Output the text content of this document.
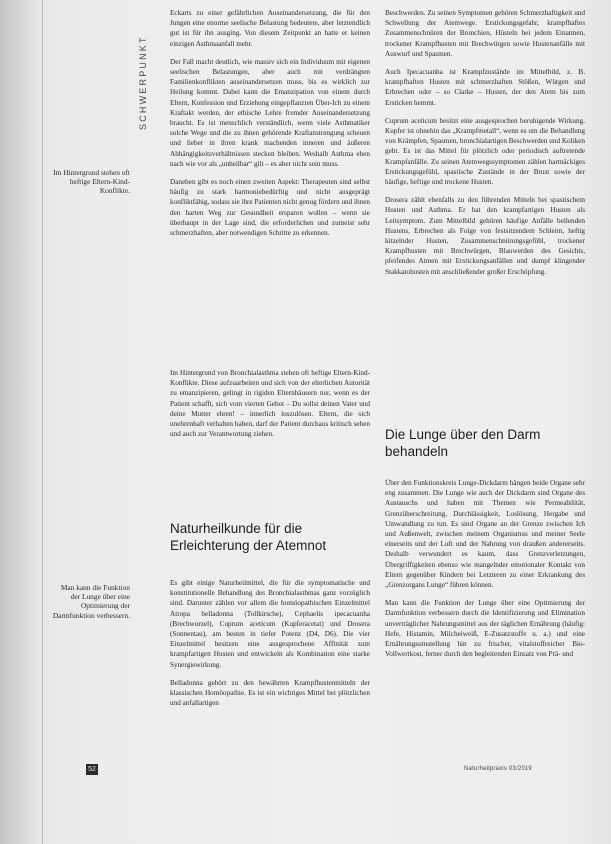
SCHWERPUNKT
Im Hintergrund stehen oft heftige Eltern-Kind-Konflikte.
Man kann die Funktion der Lunge über eine Optimierung der Darmfunktion verbessern.

Eckarts zu einer gefährlichen Auseinandersetzung, die für den Jungen eine enorme seelische Belastung bedeutete, aber letztendlich gut ist für ihn ausging. Von diesem Zeitpunkt an hatte er keinen einzigen Asthmaanfall mehr.

Der Fall macht deutlich, wie massiv sich ein Individuum mit eigenen seelischen Belastungen, aber auch mit verdrängten Familienkonflikten auseinandersetzen muss, bis es wirklich zur Heilung kommt. Dabei kann die Emanzipation von einem durch Eltern, Konfession und Erziehung eingepflanzten Über-Ich zu einem Kraftakt werden, der ethische Lehre fremder Auseinandersetzung braucht. Es ist menschlich verständlich, wenn viele Asthmatiker solche Wege und die zu ihnen gehörende Kraftanstrengung scheuen und lieber in ihren krank machenden inneren und äußeren Abhängigkeitsverhältnissen stecken bleiben. Weshalb Asthma eben nach wie vor als „unheilbar“ gilt – es aber nicht sein muss.

Daneben gibt es noch einen zweiten Aspekt: Therapeuten sind selbst häufig zu stark harmoniebedürftig und nicht ausgeprägt konfliktfähig, sodass sie ihre Patienten nicht genug fördern und ihnen den harten Weg zur Gesundheit ersparen wollen – wenn sie überhaupt in der Lage sind, die erforderlichen und zumeist sehr schmerzhaften, aber notwendigen Schritte zu erkennen.

Im Hintergrund von Bronchialasthma stehen oft heftige Eltern-Kind-Konflikte. Diese aufzuarbeiten und sich von der elterlichen Autorität zu emanzipieren, gelingt in rigiden Elternhäusern nur, wenn es der Patient schafft, sich vom vierten Gebot – Du sollst deinen Vater und deine Mutter ehren! – innerlich loszulösen. Eltern, die sich unehrenhaft verhalten haben, darf der Patient durchaus kritisch sehen und auch zur Verantwortung ziehen.

Naturheilkunde für die Erleichterung der Atemnot

Es gibt einige Naturheilmittel, die für die symptomatische und konstitutionelle Behandlung des Bronchialasthmas ganz vorzüglich sind. Darunter zählen vor allem die homöopathischen Einzelmittel Atropa belladonna (Tollkirsche), Cephaelis ipecacuanha (Brechwurzel), Cuprum aceticum (Kupferacetat) und Drosera (Sonnentau), am besten in tiefer Potenz (D4, D6). Die vier Einzelmittel besitzen eine ausgesprochene Affinität zum krampfartigen Husten und entwickeln als Kombination eine starke Synergiewirkung.

Belladonna gehört zu den bewährten Krampfhustenmitteln der klassischen Homöopathie. Es ist ein wichtiges Mittel bei plötzlichen und anfallartigen

Beschwerden. Zu seinen Symptomen gehören Schmerzhaftigkeit und Schwellung der Atemwege. Erstickungsgefahr, krampfhaftes Zusammenschnüren der Bronchien, Hüsteln bei jedem Einatmen, trockener Krampfhusten mit Brechwürgen sowie Hustenanfälle mit Auswurf und Spasmen.

Auch Ipecacuanha ist Krampfzustände im Mittelbild, z. B. krampfhaften Husten mit schmerzhaften Stößen, Würgen und Erbrechen oder – so Clarke – Husten, der den Atem bis zum Ersticken hemmt.

Cuprum aceticum besitzt eine ausgesprochen beruhigende Wirkung. Kupfer ist ohnehin das „Krampfmetall“, wenn es um die Behandlung von Krämpfen, Spasmen, bronchialartigen Beschwerden und Koliken geht. Es ist das Mittel für plötzlich oder periodisch auftretende Krampfanfälle. Zu seinen Atemwegssymptomen zählen hartnäckiges Erstickungsgefühl, spastische Zustände in der Brust sowie der häufige, heftige und trockene Husten.

Drosera zählt ebenfalls zu den führenden Mitteln bei spastischem Husten und Asthma. Er hat den krampfartigen Husten als Leitsymptom. Zum Mittelbild gehören häufige Anfälle bellenden Hustens, Erbrechen als Folge von festsitzendem Schleim, heftig kitzelnder Husten, Zusammenschnürungsgefühl, trockener Krampfhusten mit Brechwürgen, Blauwerden des Gesichts, pfeifendes Atmen mit Erstickungsanfällen und dumpf klingender Stakkatohusten mit anschließender großer Erschöpfung.

Die Lunge über den Darm behandeln

Über den Funktionskreis Lunge-Dickdarm hängen beide Organe sehr eng zusammen. Die Lunge wie auch der Dickdarm sind Organe des Austauschs und haben mit Themen wie Permeabilität, Grenzüberschreitung, Durchlässigkeit, Loslösung, Hergabe und Umwandlung zu tun. Es sind Organe an der Grenze zwischen Ich und Außenwelt, zwischen meinem Organismus und meiner Seele einerseits und der Luft und der Nahrung von draußen andererseits. Deshalb verwundert es kaum, dass Grenzverletzungen, Übergriffigkeiten ebenso wie mangelnder emotionaler Kontakt von Eltern gegenüber Kindern bei Letzteren zu einer Erkrankung des „Grenzorgans Lunge“ führen können.

Man kann die Funktion der Lunge über eine Optimierung der Darmfunktion verbessern durch die Identifizierung und Elimination unverträglicher Nahrungsmittel aus der täglichen Ernährung (häufig: Hefe, Histamin, Milcheiweiß, E-Zusatzstoffe u. a.) und eine Ernährungsumstellung hin zu frischer, vitalstoffreicher Bio-Vollwertkost, ferner durch den begleitenden Einsatz von Prä- und

52	Naturheilpraxis 03/2019
